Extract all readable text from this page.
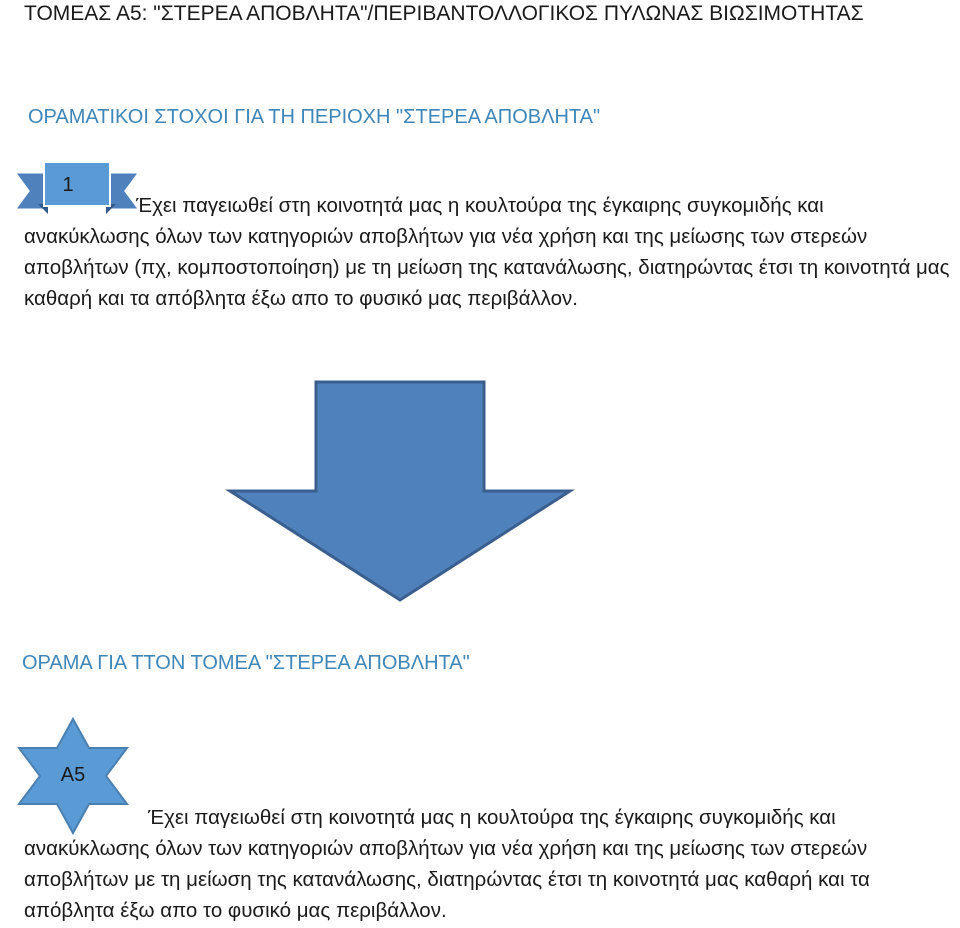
ΤΟΜΕΑΣ Α5: "ΣΤΕΡΕΑ ΑΠΟΒΛΗΤΑ"/ΠΕΡΙΒΑΝΤΟΛΛΟΓΙΚΟΣ ΠΥΛΩΝΑΣ ΒΙΩΣΙΜΟΤΗΤΑΣ
ΟΡΑΜΑΤΙΚΟΙ ΣΤΟΧΟΙ ΓΙΑ ΤΗ ΠΕΡΙΟΧΗ "ΣΤΕΡΕΑ ΑΠΟΒΛΗΤΑ"
1
Έχει παγειωθεί στη κοινοτητά μας η κουλτούρα της έγκαιρης συγκομιδής και ανακύκλωσης όλων των κατηγοριών αποβλήτων για νέα χρήση και της μείωσης των στερεών αποβλήτων (πχ, κομποστοποίηση) με τη μείωση της κατανάλωσης, διατηρώντας έτσι τη κοινοτητά μας καθαρή και τα απόβλητα έξω απο το φυσικό μας περιβάλλον.
ΟΡΑΜΑ ΓΙΑ ΤΤΟΝ ΤΟΜΕΑ "ΣΤΕΡΕΑ ΑΠΟΒΛΗΤΑ"
Α5
Έχει παγειωθεί στη κοινοτητά μας η κουλτούρα της έγκαιρης συγκομιδής και ανακύκλωσης όλων των κατηγοριών αποβλήτων για νέα χρήση και της μείωσης των στερεών αποβλήτων με τη μείωση της κατανάλωσης, διατηρώντας έτσι τη κοινοτητά μας καθαρή και τα απόβλητα έξω απο το φυσικό μας περιβάλλον.
